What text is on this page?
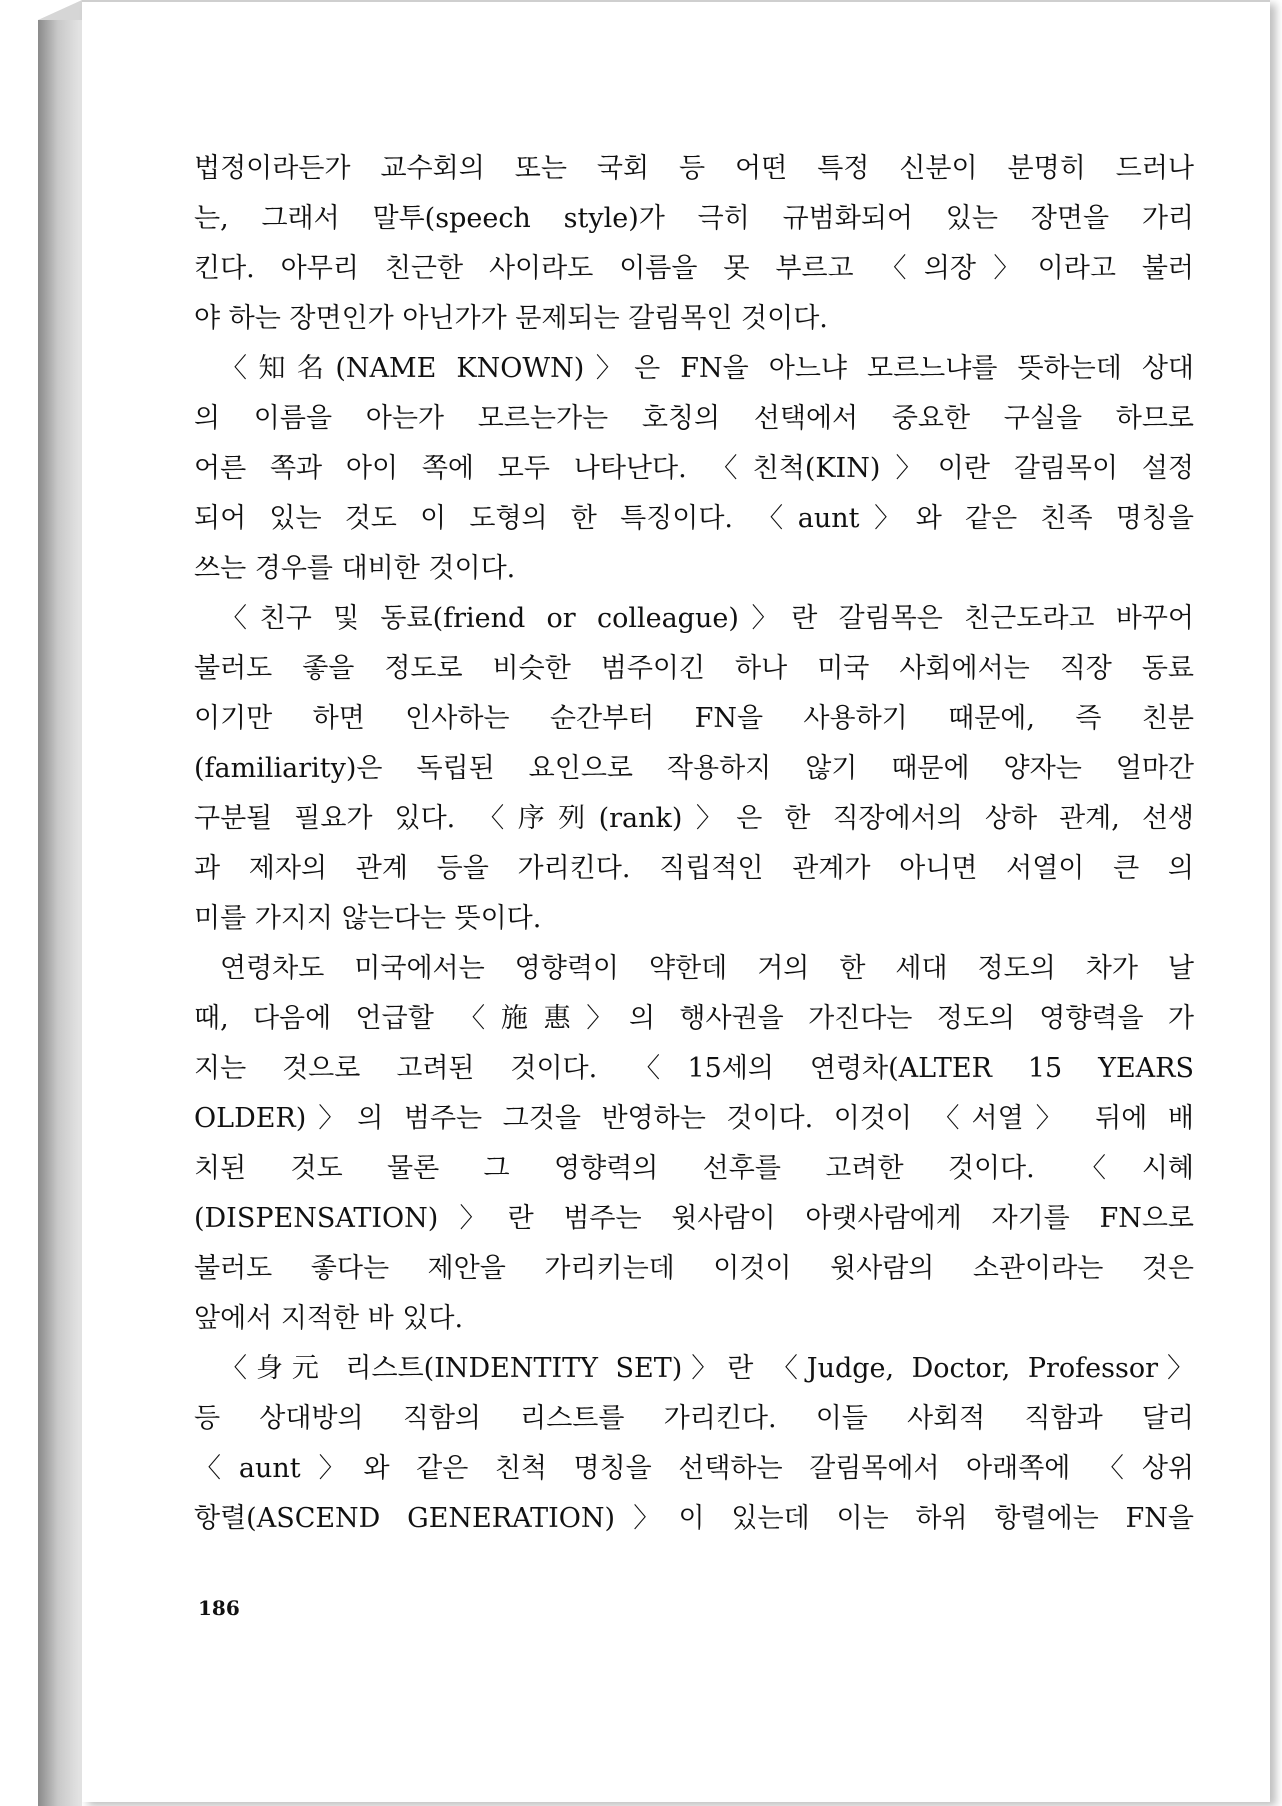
법정이라든가 교수회의 또는 국회 등 어떤 특정 신분이 분명히 드러나
는, 그래서 말투(speech style)가 극히 규범화되어 있는 장면을 가리
킨다. 아무리 친근한 사이라도 이름을 못 부르고 〈의장〉이라고 불러
야 하는 장면인가 아닌가가 문제되는 갈림목인 것이다.
〈知名(NAME KNOWN)〉은 FN을 아느냐 모르느냐를 뜻하는데 상대
의 이름을 아는가 모르는가는 호칭의 선택에서 중요한 구실을 하므로
어른 쪽과 아이 쪽에 모두 나타난다. 〈친척(KIN)〉이란 갈림목이 설정
되어 있는 것도 이 도형의 한 특징이다. 〈aunt〉와 같은 친족 명칭을
쓰는 경우를 대비한 것이다.
〈친구 및 동료(friend or colleague)〉란 갈림목은 친근도라고 바꾸어
불러도 좋을 정도로 비슷한 범주이긴 하나 미국 사회에서는 직장 동료
이기만 하면 인사하는 순간부터 FN을 사용하기 때문에, 즉 친분
(familiarity)은 독립된 요인으로 작용하지 않기 때문에 양자는 얼마간
구분될 필요가 있다. 〈序列(rank)〉은 한 직장에서의 상하 관계, 선생
과 제자의 관계 등을 가리킨다. 직립적인 관계가 아니면 서열이 큰 의
미를 가지지 않는다는 뜻이다.
연령차도 미국에서는 영향력이 약한데 거의 한 세대 정도의 차가 날
때, 다음에 언급할 〈施惠〉의 행사권을 가진다는 정도의 영향력을 가
지는 것으로 고려된 것이다. 〈15세의 연령차(ALTER 15 YEARS
OLDER)〉의 범주는 그것을 반영하는 것이다. 이것이 〈서열〉 뒤에 배
치된 것도 물론 그 영향력의 선후를 고려한 것이다. 〈시혜
(DISPENSATION)〉란 범주는 윗사람이 아랫사람에게 자기를 FN으로
불러도 좋다는 제안을 가리키는데 이것이 윗사람의 소관이라는 것은
앞에서 지적한 바 있다.
〈身元 리스트(INDENTITY SET)〉란 〈Judge, Doctor, Professor〉
등 상대방의 직함의 리스트를 가리킨다. 이들 사회적 직함과 달리
〈aunt〉와 같은 친척 명칭을 선택하는 갈림목에서 아래쪽에 〈상위
항렬(ASCEND GENERATION)〉이 있는데 이는 하위 항렬에는 FN을
186
